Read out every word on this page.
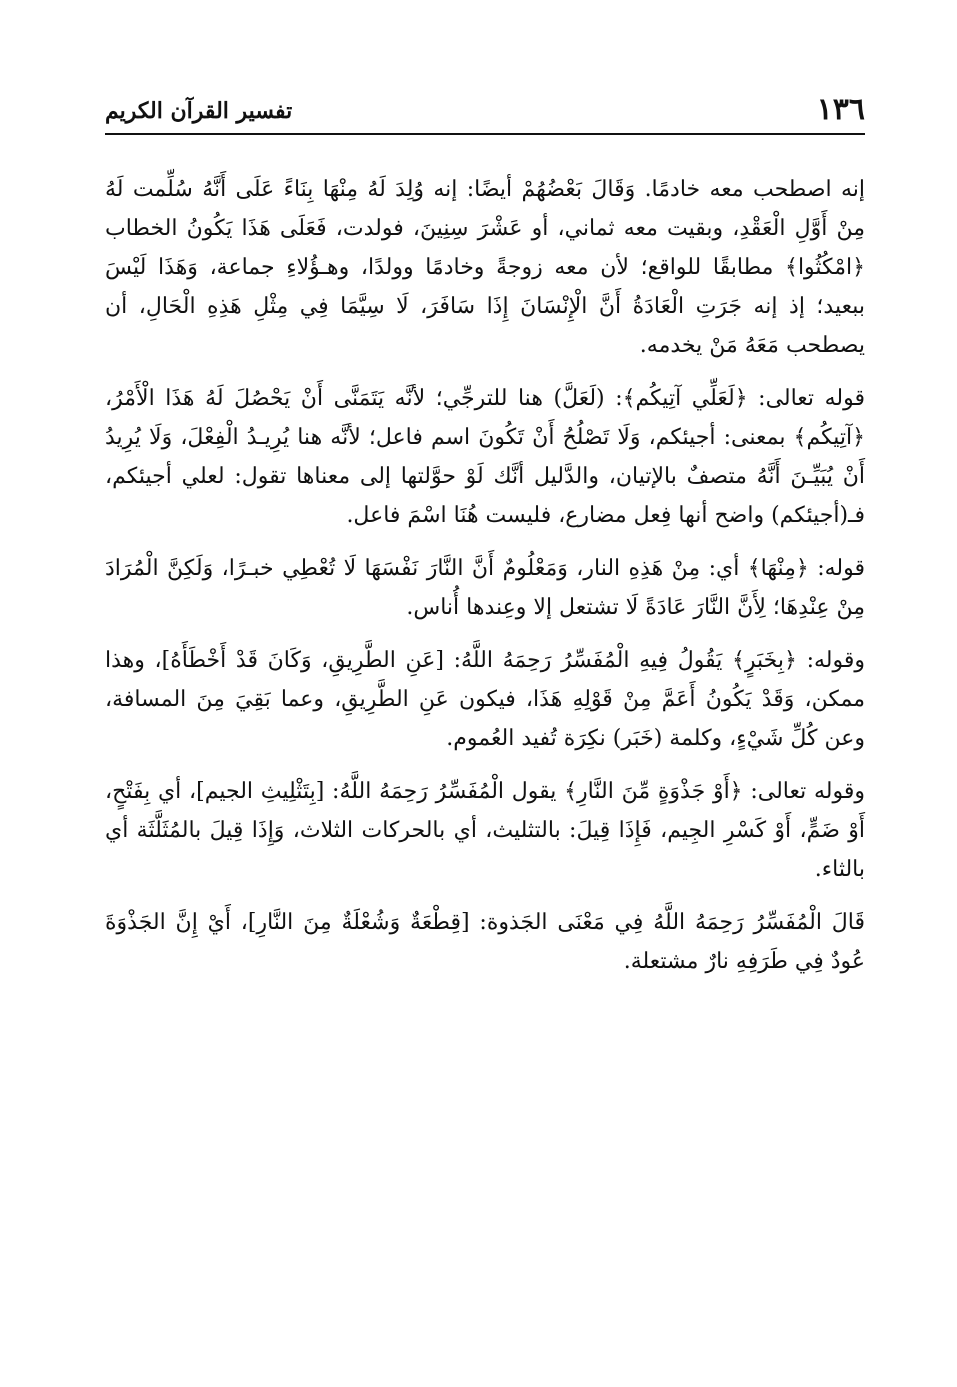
١٣٦
تفسير القرآن الكريم

إنه اصطحب معه خادمًا. وَقَالَ بَعْضُهُمْ أيضًا: إنه وُلِدَ لَهُ مِنْهَا بِنَاءً عَلَى أَنَّهُ سُلِّمت لَهُ مِنْ أَوَّلِ الْعَقْدِ، وبقيت معه ثماني، أو عَشْرَ سِنِينَ، فولدت، فَعَلَى هَذَا يَكُونُ الخطاب ﴿امْكُثُوا﴾ مطابقًا للواقع؛ لأن معه زوجةً وخادمًا وولدًا، وهـؤُلاءِ جماعة، وَهَذَا لَيْسَ ببعيد؛ إذ إنه جَرَتِ الْعَادَةُ أَنَّ الْإِنْسَانَ إِذَا سَافَرَ، لَا سِيَّمَا فِي مِثْلِ هَذِهِ الْحَالِ، أن يصطحب مَعَهُ مَنْ يخدمه.

قوله تعالى: ﴿لَعَلِّي آتِيكُم﴾: (لَعَلَّ) هنا للترجِّي؛ لأنَّه يَتَمَنَّى أَنْ يَحْصُلَ لَهُ هَذَا الْأَمْرُ، ﴿آتِيكُم﴾ بمعنى: أجيئكم، وَلَا تَصْلُحُ أَنْ تَكُونَ اسم فاعل؛ لأنَّه هنا يُرِيـدُ الْفِعْلَ، وَلَا يُرِيدُ أَنْ يُبَيِّـنَ أَنَّهُ متصفٌ بالإتيان، والدَّليل أنَّك لَوْ حوَّلتها إلى معناها تقول: لعلي أجيئكم، فـ(أجيئكم) واضح أنها فِعل مضارع، فليست هُنَا اسْمَ فاعل.

قوله: ﴿مِنْهَا﴾ أي: مِنْ هَذِهِ النار، وَمَعْلُومٌ أَنَّ النَّارَ نَفْسَهَا لَا تُعْطِي خبـرًا، وَلَكِنَّ الْمُرَادَ مِنْ عِنْدِهَا؛ لِأَنَّ النَّارَ عَادَةً لَا تشتعل إلا وعِندها أُناس.

وقوله: ﴿بِخَبَرٍ﴾ يَقُولُ فِيهِ الْمُفَسِّرُ رَحِمَهُ اللَّهُ: [عَنِ الطَّرِيقِ، وَكَانَ قَدْ أَخْطَأَهُ]، وهذا ممكن، وَقَدْ يَكُونُ أَعَمَّ مِنْ قَوْلِهِ هَذَا، فيكون عَنِ الطَّرِيقِ، وعما بَقِيَ مِنَ المسافة، وعن كُلِّ شَيْءٍ، وكلمة (خَبَر) نكِرَة تُفيد العُموم.

وقوله تعالى: ﴿أَوْ جَذْوَةٍ مِّنَ النَّارِ﴾ يقول الْمُفَسِّرُ رَحِمَهُ اللَّهُ: [بِتَثْلِيثِ الجيم]، أي بِفَتْحٍ، أَوْ ضَمٍّ، أَوْ كَسْرِ الجِيم، فَإِذَا قِيلَ: بالتثليث، أي بالحركات الثلاث، وَإِذَا قِيلَ بالمُثَلَّثَة أي بالثاء.

قَالَ الْمُفَسِّرُ رَحِمَهُ اللَّهُ فِي مَعْنَى الجَذوة: [قِطْعَةٌ وَشُعْلَةٌ مِنَ النَّارِ]، أَيْ إِنَّ الجَذْوَةَ عُودٌ فِي طَرَفِهِ نارٌ مشتعلة.
